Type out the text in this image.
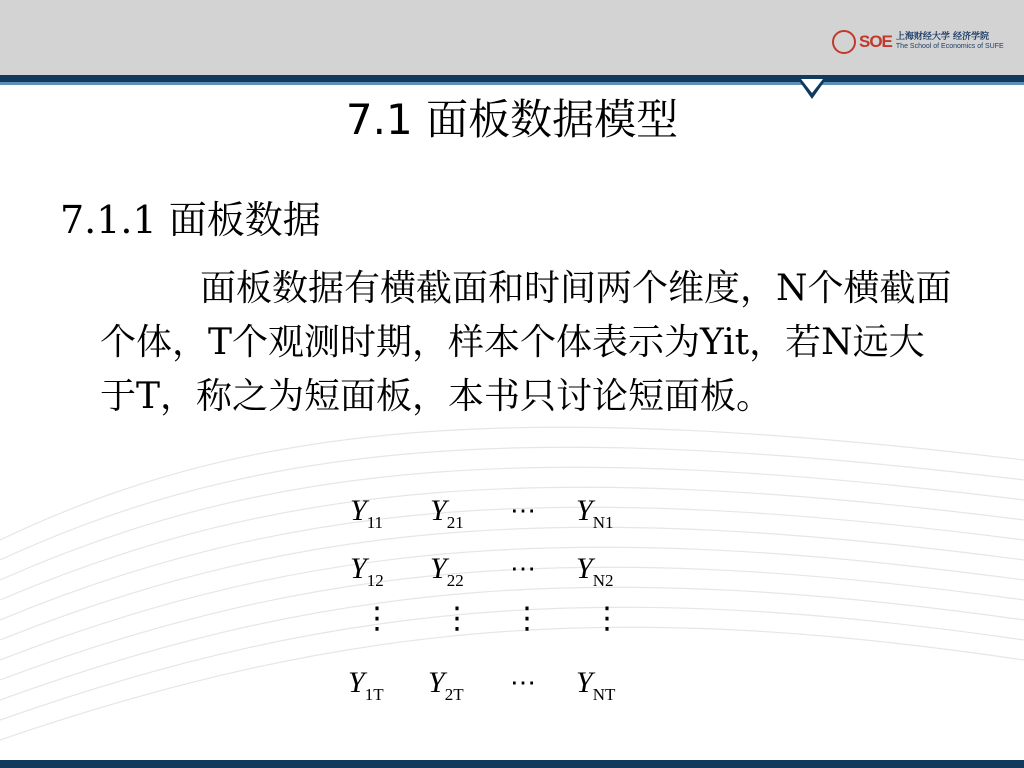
SOE 上海财经大学 经济学院
The School of Economics of SUFE
7.1 面板数据模型
7.1.1 面板数据
面板数据有横截面和时间两个维度，N个横截面个体，T个观测时期，样本个体表示为Yit，若N远大于T，称之为短面板，本书只讨论短面板。
$Y_{11}$ $Y_{21}$ ⋯ $Y_{N1}$
$Y_{12}$ $Y_{22}$ ⋯ $Y_{N2}$
⋮ ⋮ ⋮ ⋮
$Y_{1T}$ $Y_{2T}$ ⋯ $Y_{NT}$
